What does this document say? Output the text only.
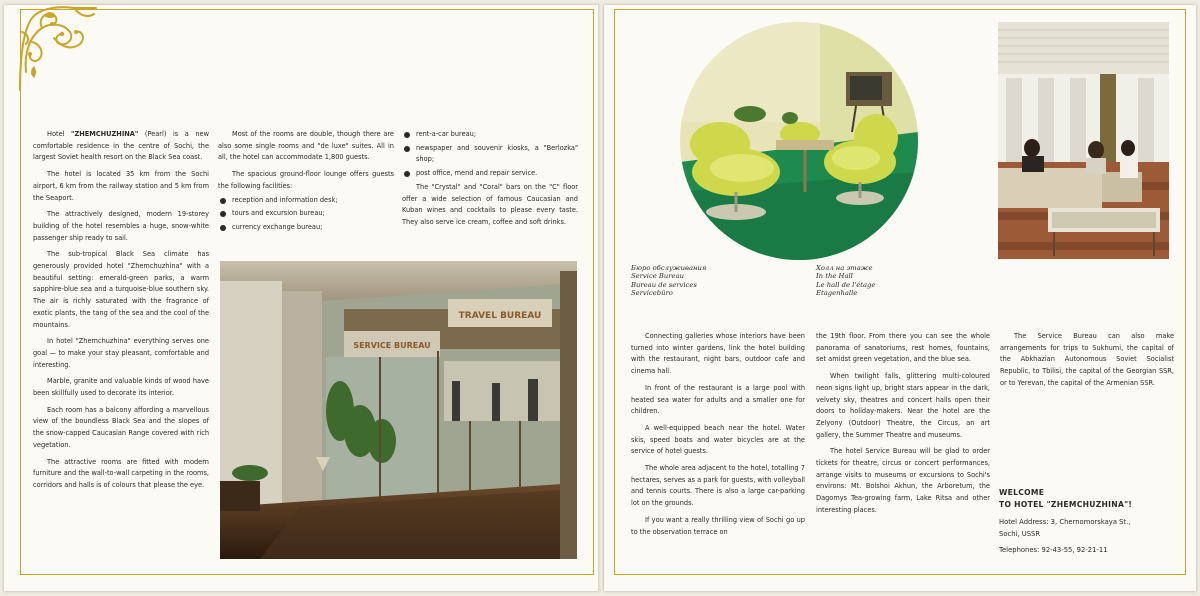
Hotel "ZHEMCHUZHINA" (Pearl) is a new comfortable residence in the centre of Sochi, the largest Soviet health resort on the Black Sea coast.

The hotel is located 35 km from the Sochi airport, 6 km from the railway station and 5 km from the Seaport.

The attractively designed, modern 19-storey building of the hotel resembles a huge, snow-white passenger ship ready to sail.

The sub-tropical Black Sea climate has generously provided hotel "Zhemchuzhina" with a beautiful setting: emerald-green parks, a warm sapphire-blue sea and a turquoise-blue southern sky. The air is richly saturated with the fragrance of exotic plants, the tang of the sea and the cool of the mountains.

In hotel "Zhemchuzhina" everything serves one goal — to make your stay pleasant, comfortable and interesting.

Marble, granite and valuable kinds of wood have been skillfully used to decorate its interior.

Each room has a balcony affording a marvellous view of the boundless Black Sea and the slopes of the snow-capped Caucasian Range covered with rich vegetation.

The attractive rooms are fitted with modern furniture and the wall-to-wall carpeting in the rooms, corridors and halls is of colours that please the eye.

Most of the rooms are double, though there are also some single rooms and "de luxe" suites. All in all, the hotel can accommodate 1,800 guests.

The spacious ground-floor lounge offers guests the following facilities:

reception and information desk;
tours and excursion bureau;
currency exchange bureau;
rent-a-car bureau;
newspaper and souvenir kiosks, a "Berlozka" shop;
post office, mend and repair service.

The "Crystal" and "Coral" bars on the "C" floor offer a wide selection of famous Caucasian and Kuban wines and cocktails to please every taste. They also serve ice cream, coffee and soft drinks.

SERVICE BUREAU
TRAVEL BUREAU
Бюро обслуживания
Service Bureau
Bureau de services
Servicebüro
Холл на этаже
In the Hall
Le hall de l'étage
Etagenhalle

Connecting galleries whose interiors have been turned into winter gardens, link the hotel building with the restaurant, night bars, outdoor cafe and cinema hall.

In front of the restaurant is a large pool with heated sea water for adults and a smaller one for children.

A well-equipped beach near the hotel. Water skis, speed boats and water bicycles are at the service of hotel guests.

The whole area adjacent to the hotel, totalling 7 hectares, serves as a park for guests, with volleyball and tennis courts. There is also a large car-parking lot on the grounds.

If you want a really thrilling view of Sochi go up to the observation terrace on

the 19th floor. From there you can see the whole panorama of sanatoriums, rest homes, fountains, set amidst green vegetation, and the blue sea.

When twilight falls, glittering multi-coloured neon signs light up, bright stars appear in the dark, velvety sky, theatres and concert halls open their doors to holiday-makers. Near the hotel are the Zelyony (Outdoor) Theatre, the Circus, an art gallery, the Summer Theatre and museums.

The hotel Service Bureau will be glad to order tickets for theatre, circus or concert performances, arrange visits to museums or excursions to Sochi's environs: Mt. Bolshoi Akhun, the Arboretum, the Dagomys Tea-growing farm, Lake Ritsa and other interesting places.

The Service Bureau can also make arrangements for trips to Sukhumi, the capital of the Abkhazian Autonomous Soviet Socialist Republic, to Tbilisi, the capital of the Georgian SSR, or to Yerevan, the capital of the Armenian SSR.

WELCOME
TO HOTEL "ZHEMCHUZHINA"!
Hotel Address: 3, Chernomorskaya St.,
Sochi, USSR
Telephones: 92-43-55, 92-21-11
